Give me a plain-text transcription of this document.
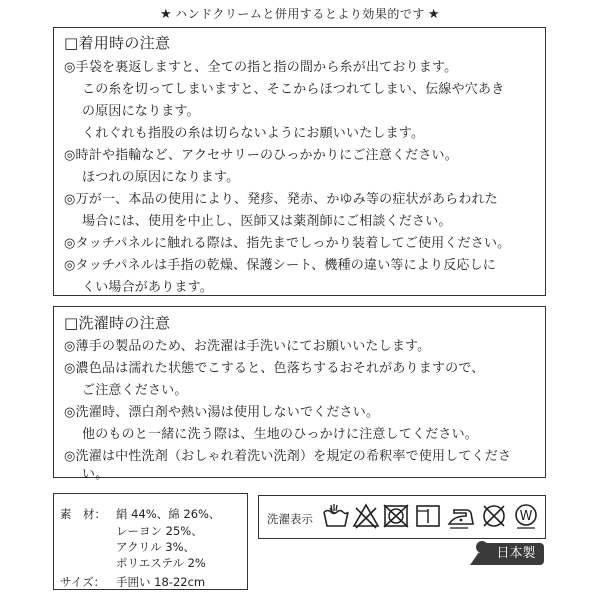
★ ハンドクリームと併用するとより効果的です ★
□着用時の注意
◎手袋を裏返しますと、全ての指と指の間から糸が出ております。
この糸を切ってしまいますと、そこからほつれてしまい、伝線や穴あき
の原因になります。
くれぐれも指股の糸は切らないようにお願いいたします。
◎時計や指輪など、アクセサリーのひっかかりにご注意ください。
ほつれの原因になります。
◎万が一、本品の使用により、発疹、発赤、かゆみ等の症状があらわれた
場合には、使用を中止し、医師又は薬剤師にご相談ください。
◎タッチパネルに触れる際は、指先までしっかり装着してご使用ください。
◎タッチパネルは手指の乾燥、保護シート、機種の違い等により反応しに
くい場合があります。
□洗濯時の注意
◎薄手の製品のため、お洗濯は手洗いにてお願いいたします。
◎濃色品は濡れた状態でこすると、色落ちするおそれがありますので、
ご注意ください。
◎洗濯時、漂白剤や熱い湯は使用しないでください。
他のものと一緒に洗う際は、生地のひっかけに注意してください。
◎洗濯は中性洗剤（おしゃれ着洗い洗剤）を規定の希釈率で使用してくださ
い。
素　材： 絹 44%、綿 26%、
レーヨン 25%、
アクリル 3%、
ポリエステル 2%
サイズ： 手囲い 18-22cm
洗濯表示	W
日本製
